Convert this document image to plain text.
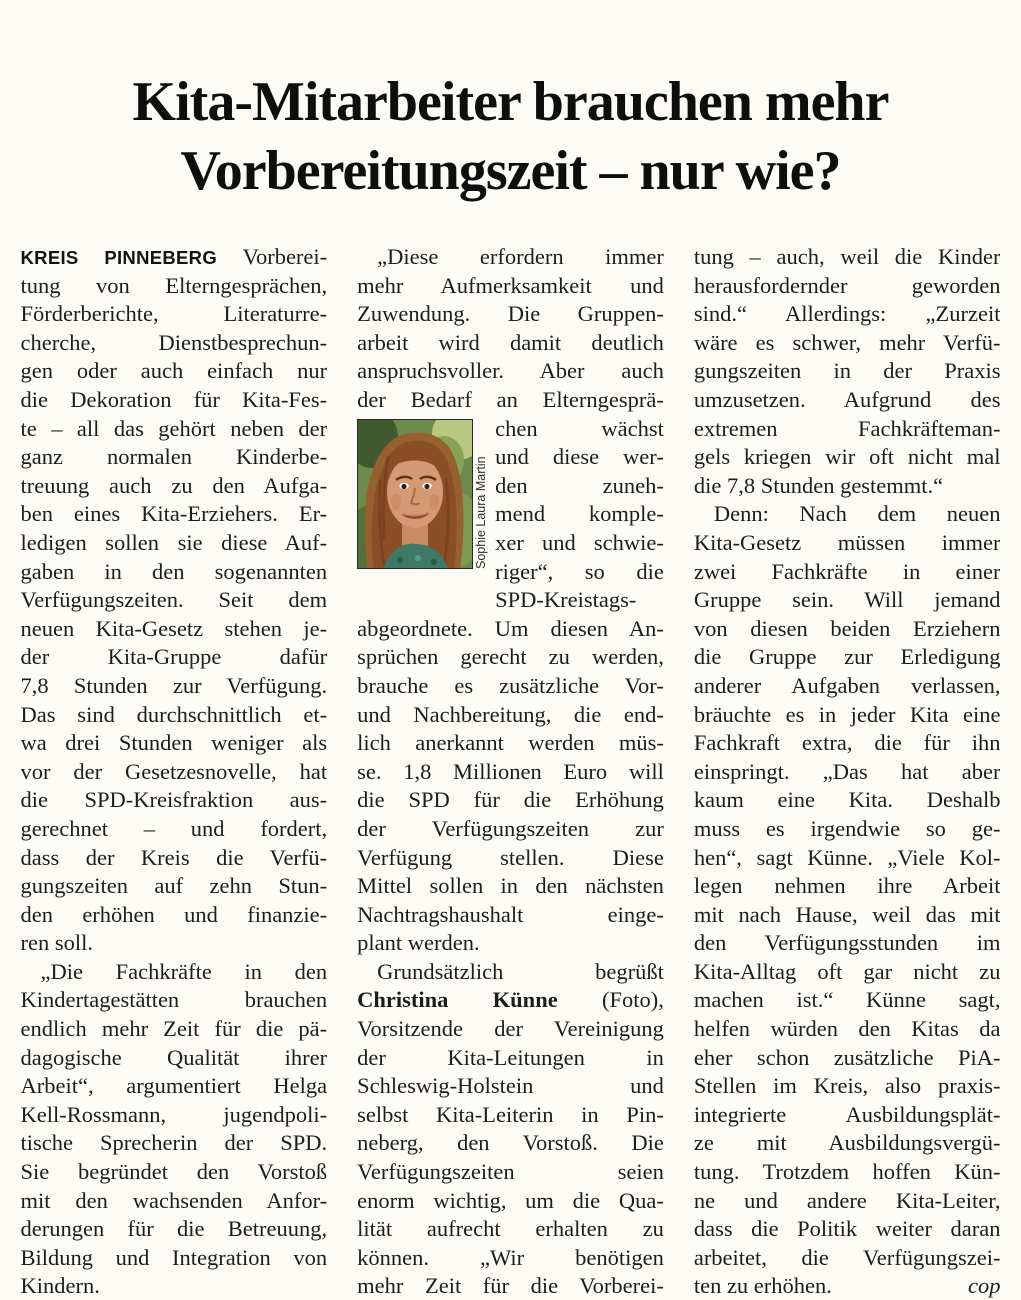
Kita-Mitarbeiter brauchen mehr
Vorbereitungszeit – nur wie?
KREIS PINNEBERG Vorberei-
tung von Elterngesprächen,
Förderberichte, Literaturre-
cherche, Dienstbesprechun-
gen oder auch einfach nur
die Dekoration für Kita-Fes-
te – all das gehört neben der
ganz normalen Kinderbe-
treuung auch zu den Aufga-
ben eines Kita-Erziehers. Er-
ledigen sollen sie diese Auf-
gaben in den sogenannten
Verfügungszeiten. Seit dem
neuen Kita-Gesetz stehen je-
der Kita-Gruppe dafür
7,8 Stunden zur Verfügung.
Das sind durchschnittlich et-
wa drei Stunden weniger als
vor der Gesetzesnovelle, hat
die SPD-Kreisfraktion aus-
gerechnet – und fordert,
dass der Kreis die Verfü-
gungszeiten auf zehn Stun-
den erhöhen und finanzie-
ren soll.
„Die Fachkräfte in den
Kindertagestätten brauchen
endlich mehr Zeit für die pä-
dagogische Qualität ihrer
Arbeit“, argumentiert Helga
Kell-Rossmann, jugendpoli-
tische Sprecherin der SPD.
Sie begründet den Vorstoß
mit den wachsenden Anfor-
derungen für die Betreuung,
Bildung und Integration von
Kindern.
Sophie Laura Martin
„Diese erfordern immer
mehr Aufmerksamkeit und
Zuwendung. Die Gruppen-
arbeit wird damit deutlich
anspruchsvoller. Aber auch
der Bedarf an Elterngesprä-
chen wächst
und diese wer-
den zuneh-
mend komple-
xer und schwie-
riger“, so die
SPD-Kreistags-
abgeordnete. Um diesen An-
sprüchen gerecht zu werden,
brauche es zusätzliche Vor-
und Nachbereitung, die end-
lich anerkannt werden müs-
se. 1,8 Millionen Euro will
die SPD für die Erhöhung
der Verfügungszeiten zur
Verfügung stellen. Diese
Mittel sollen in den nächsten
Nachtragshaushalt einge-
plant werden.
Grundsätzlich begrüßt
Christina Künne (Foto),
Vorsitzende der Vereinigung
der Kita-Leitungen in
Schleswig-Holstein und
selbst Kita-Leiterin in Pin-
neberg, den Vorstoß. Die
Verfügungszeiten seien
enorm wichtig, um die Qua-
lität aufrecht erhalten zu
können. „Wir benötigen
mehr Zeit für die Vorberei-
tung – auch, weil die Kinder
herausfordernder geworden
sind.“ Allerdings: „Zurzeit
wäre es schwer, mehr Verfü-
gungszeiten in der Praxis
umzusetzen. Aufgrund des
extremen Fachkräfteman-
gels kriegen wir oft nicht mal
die 7,8 Stunden gestemmt.“
Denn: Nach dem neuen
Kita-Gesetz müssen immer
zwei Fachkräfte in einer
Gruppe sein. Will jemand
von diesen beiden Erziehern
die Gruppe zur Erledigung
anderer Aufgaben verlassen,
bräuchte es in jeder Kita eine
Fachkraft extra, die für ihn
einspringt. „Das hat aber
kaum eine Kita. Deshalb
muss es irgendwie so ge-
hen“, sagt Künne. „Viele Kol-
legen nehmen ihre Arbeit
mit nach Hause, weil das mit
den Verfügungsstunden im
Kita-Alltag oft gar nicht zu
machen ist.“ Künne sagt,
helfen würden den Kitas da
eher schon zusätzliche PiA-
Stellen im Kreis, also praxis-
integrierte Ausbildungsplät-
ze mit Ausbildungsvergü-
tung. Trotzdem hoffen Kün-
ne und andere Kita-Leiter,
dass die Politik weiter daran
arbeitet, die Verfügungszei-
ten zu erhöhen.	cop
